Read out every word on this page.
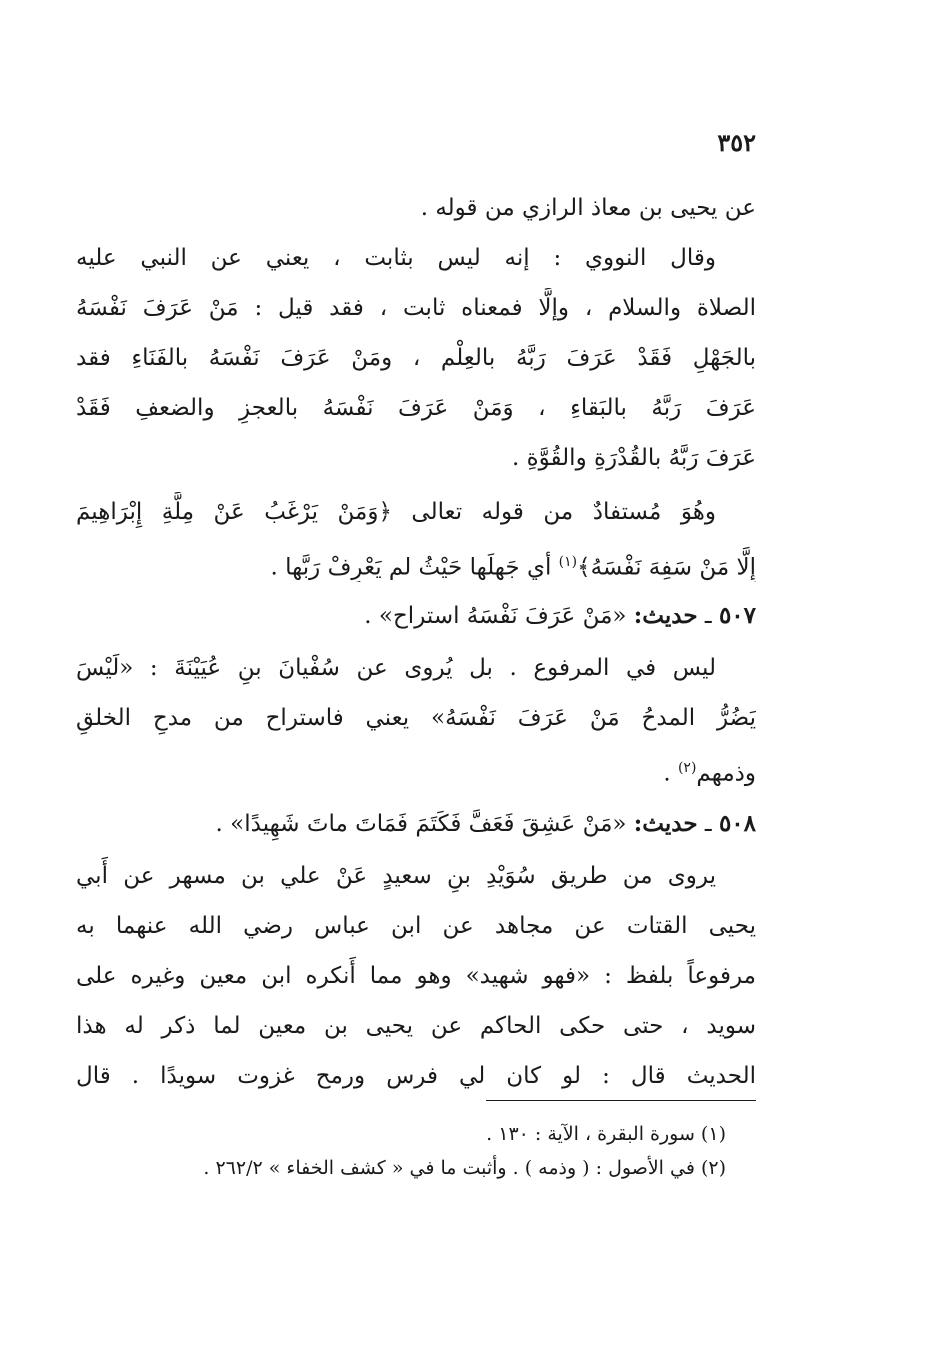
٣٥٢
عن يحيى بن معاذ الرازي من قوله .
وقال النووي : إنه ليس بثابت ، يعني عن النبي عليه
الصلاة والسلام ، وإلَّا فمعناه ثابت ، فقد قيل : مَنْ عَرَفَ نَفْسَهُ
بالجَهْلِ فَقَدْ عَرَفَ رَبَّهُ بالعِلْم ، ومَنْ عَرَفَ نَفْسَهُ بالفَنَاءِ فقد
عَرَفَ رَبَّهُ بالبَقاءِ ، وَمَنْ عَرَفَ نَفْسَهُ بالعجزِ والضعفِ فَقَدْ
عَرَفَ رَبَّهُ بالقُدْرَةِ والقُوَّةِ .
وهُوَ مُستفادٌ من قوله تعالى ﴿وَمَنْ يَرْغَبُ عَنْ مِلَّةِ إِبْرَاهِيمَ
إِلَّا مَنْ سَفِهَ نَفْسَهُ﴾$^{(١)}$ أي جَهِلَها حَيْثُ لم يَعْرِفْ رَبَّها .
٥٠٧ ـ حديث: «مَنْ عَرَفَ نَفْسَهُ استراح» .
ليس في المرفوع . بل يُروى عن سُفْيانَ بنِ عُيَيْنَةَ : «لَيْسَ
يَضُرُّ المدحُ مَنْ عَرَفَ نَفْسَهُ» يعني فاستراح من مدحِ الخلقِ
وذمهم$^{(٢)}$ .
٥٠٨ ـ حديث: «مَنْ عَشِقَ فَعَفَّ فَكَتَمَ فَمَاتَ ماتَ شَهِيدًا» .
يروى من طريق سُوَيْدِ بنِ سعيدٍ عَنْ علي بن مسهر عن أَبي
يحيى القتات عن مجاهد عن ابن عباس رضي الله عنهما به
مرفوعاً بلفظ : «فهو شهيد» وهو مما أَنكره ابن معين وغيره على
سويد ، حتى حكى الحاكم عن يحيى بن معين لما ذكر له هذا
الحديث قال : لو كان لي فرس ورمح غزوت سويدًا . قال
(١) سورة البقرة ، الآية : ١٣٠ .
(٢) في الأصول : ( وذمه ) . وأثبت ما في « كشف الخفاء » ٢٦٢/٢ .
